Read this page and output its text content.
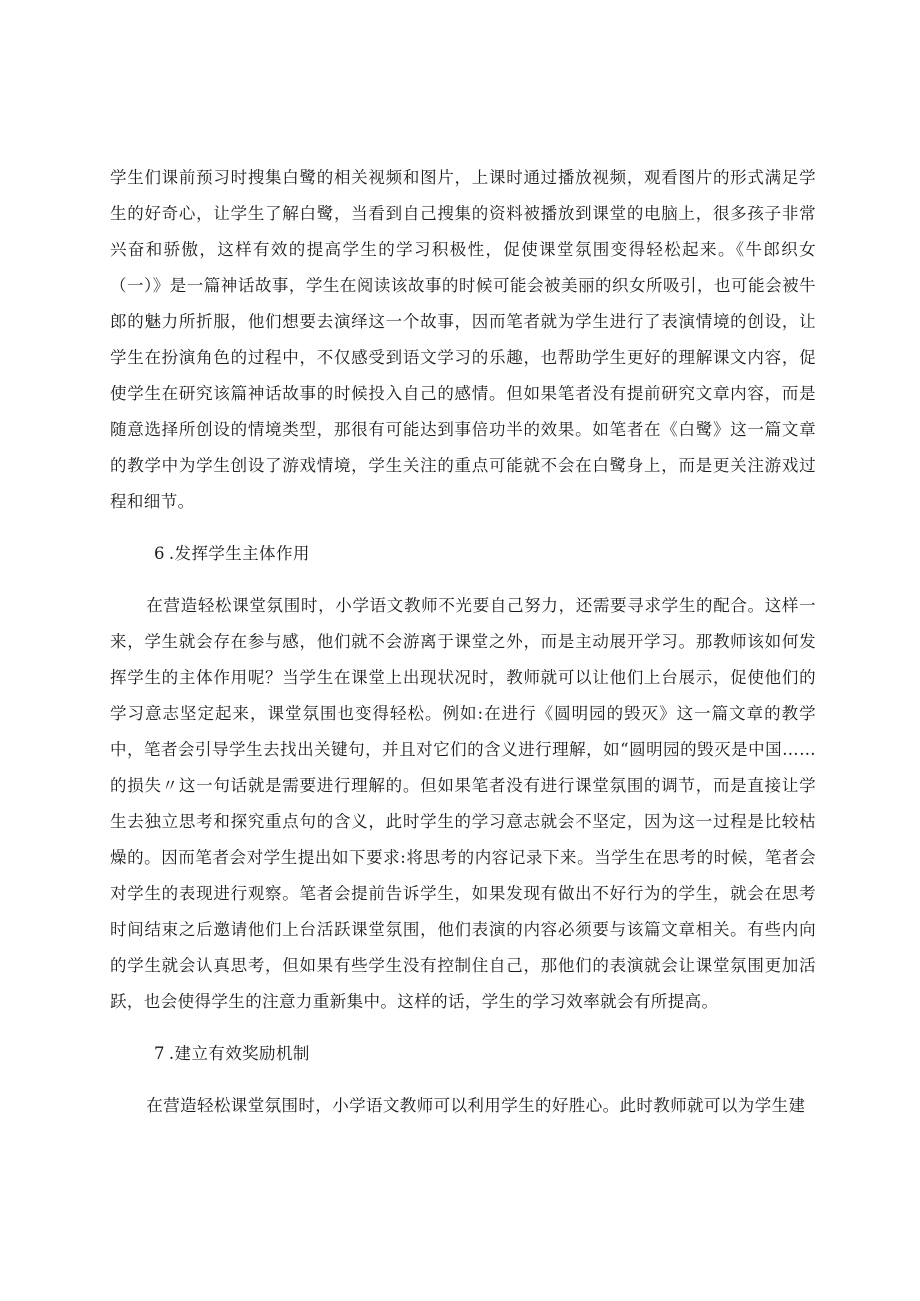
学生们课前预习时搜集白鹭的相关视频和图片，上课时通过播放视频，观看图片的形式满足学生的好奇心，让学生了解白鹭，当看到自己搜集的资料被播放到课堂的电脑上，很多孩子非常兴奋和骄傲，这样有效的提高学生的学习积极性，促使课堂氛围变得轻松起来。《牛郎织女（一）》是一篇神话故事，学生在阅读该故事的时候可能会被美丽的织女所吸引，也可能会被牛郎的魅力所折服，他们想要去演绎这一个故事，因而笔者就为学生进行了表演情境的创设，让学生在扮演角色的过程中，不仅感受到语文学习的乐趣，也帮助学生更好的理解课文内容，促使学生在研究该篇神话故事的时候投入自己的感情。但如果笔者没有提前研究文章内容，而是随意选择所创设的情境类型，那很有可能达到事倍功半的效果。如笔者在《白鹭》这一篇文章的教学中为学生创设了游戏情境，学生关注的重点可能就不会在白鹭身上，而是更关注游戏过程和细节。

6 .发挥学生主体作用

在营造轻松课堂氛围时，小学语文教师不光要自己努力，还需要寻求学生的配合。这样一来，学生就会存在参与感，他们就不会游离于课堂之外，而是主动展开学习。那教师该如何发挥学生的主体作用呢？当学生在课堂上出现状况时，教师就可以让他们上台展示，促使他们的学习意志坚定起来，课堂氛围也变得轻松。例如:在进行《圆明园的毁灭》这一篇文章的教学中，笔者会引导学生去找出关键句，并且对它们的含义进行理解，如“圆明园的毁灭是中国……的损失〃这一句话就是需要进行理解的。但如果笔者没有进行课堂氛围的调节，而是直接让学生去独立思考和探究重点句的含义，此时学生的学习意志就会不坚定，因为这一过程是比较枯燥的。因而笔者会对学生提出如下要求:将思考的内容记录下来。当学生在思考的时候，笔者会对学生的表现进行观察。笔者会提前告诉学生，如果发现有做出不好行为的学生，就会在思考时间结束之后邀请他们上台活跃课堂氛围，他们表演的内容必须要与该篇文章相关。有些内向的学生就会认真思考，但如果有些学生没有控制住自己，那他们的表演就会让课堂氛围更加活跃，也会使得学生的注意力重新集中。这样的话，学生的学习效率就会有所提高。

7 .建立有效奖励机制

在营造轻松课堂氛围时，小学语文教师可以利用学生的好胜心。此时教师就可以为学生建
